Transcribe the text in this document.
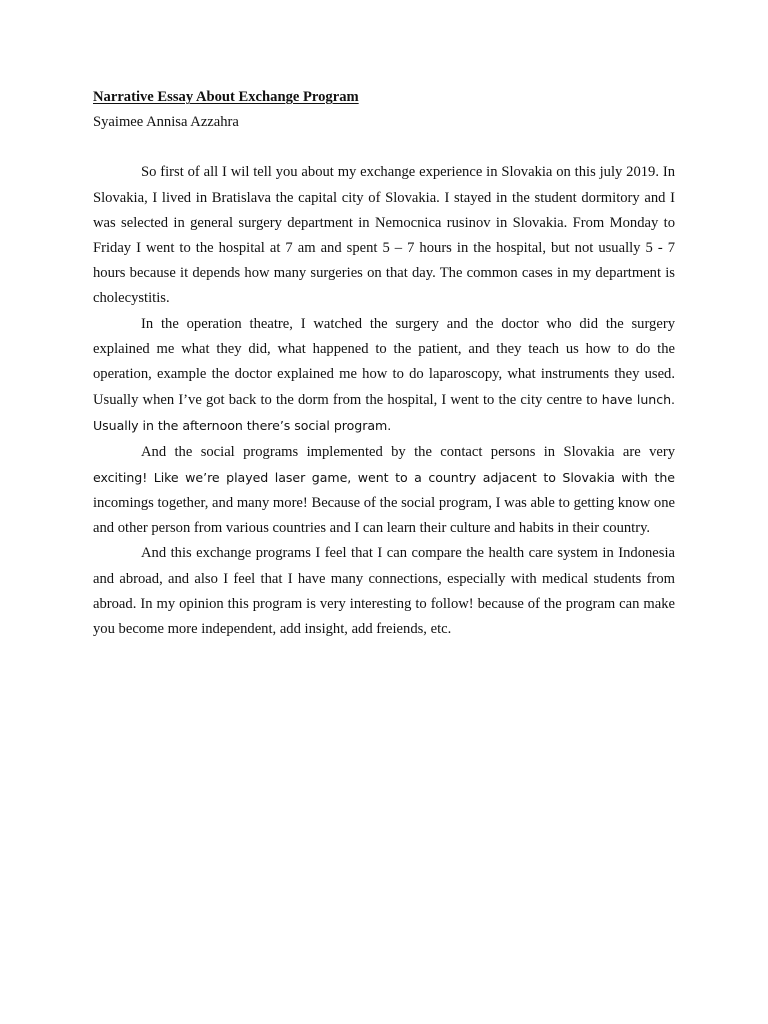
Narrative Essay About Exchange Program

Syaimee Annisa Azzahra

So first of all I wil tell you about my exchange experience in Slovakia on this july 2019. In Slovakia, I lived in Bratislava the capital city of Slovakia. I stayed in the student dormitory and I was selected in general surgery department in Nemocnica rusinov in Slovakia. From Monday to Friday I went to the hospital at 7 am and spent 5 – 7 hours in the hospital, but not usually 5 - 7 hours because it depends how many surgeries on that day. The common cases in my department is cholecystitis.

In the operation theatre, I watched the surgery and the doctor who did the surgery explained me what they did, what happened to the patient, and they teach us how to do the operation, example the doctor explained me how to do laparoscopy, what instruments they used. Usually when I’ve got back to the dorm from the hospital, I went to the city centre to have lunch. Usually in the afternoon there’s social program.

And the social programs implemented by the contact persons in Slovakia are very exciting! Like we’re played laser game, went to a country adjacent to Slovakia with the incomings together, and many more! Because of the social program, I was able to getting know one and other person from various countries and I can learn their culture and habits in their country.

And this exchange programs I feel that I can compare the health care system in Indonesia and abroad, and also I feel that I have many connections, especially with medical students from abroad. In my opinion this program is very interesting to follow! because of the program can make you become more independent, add insight, add freiends, etc.
